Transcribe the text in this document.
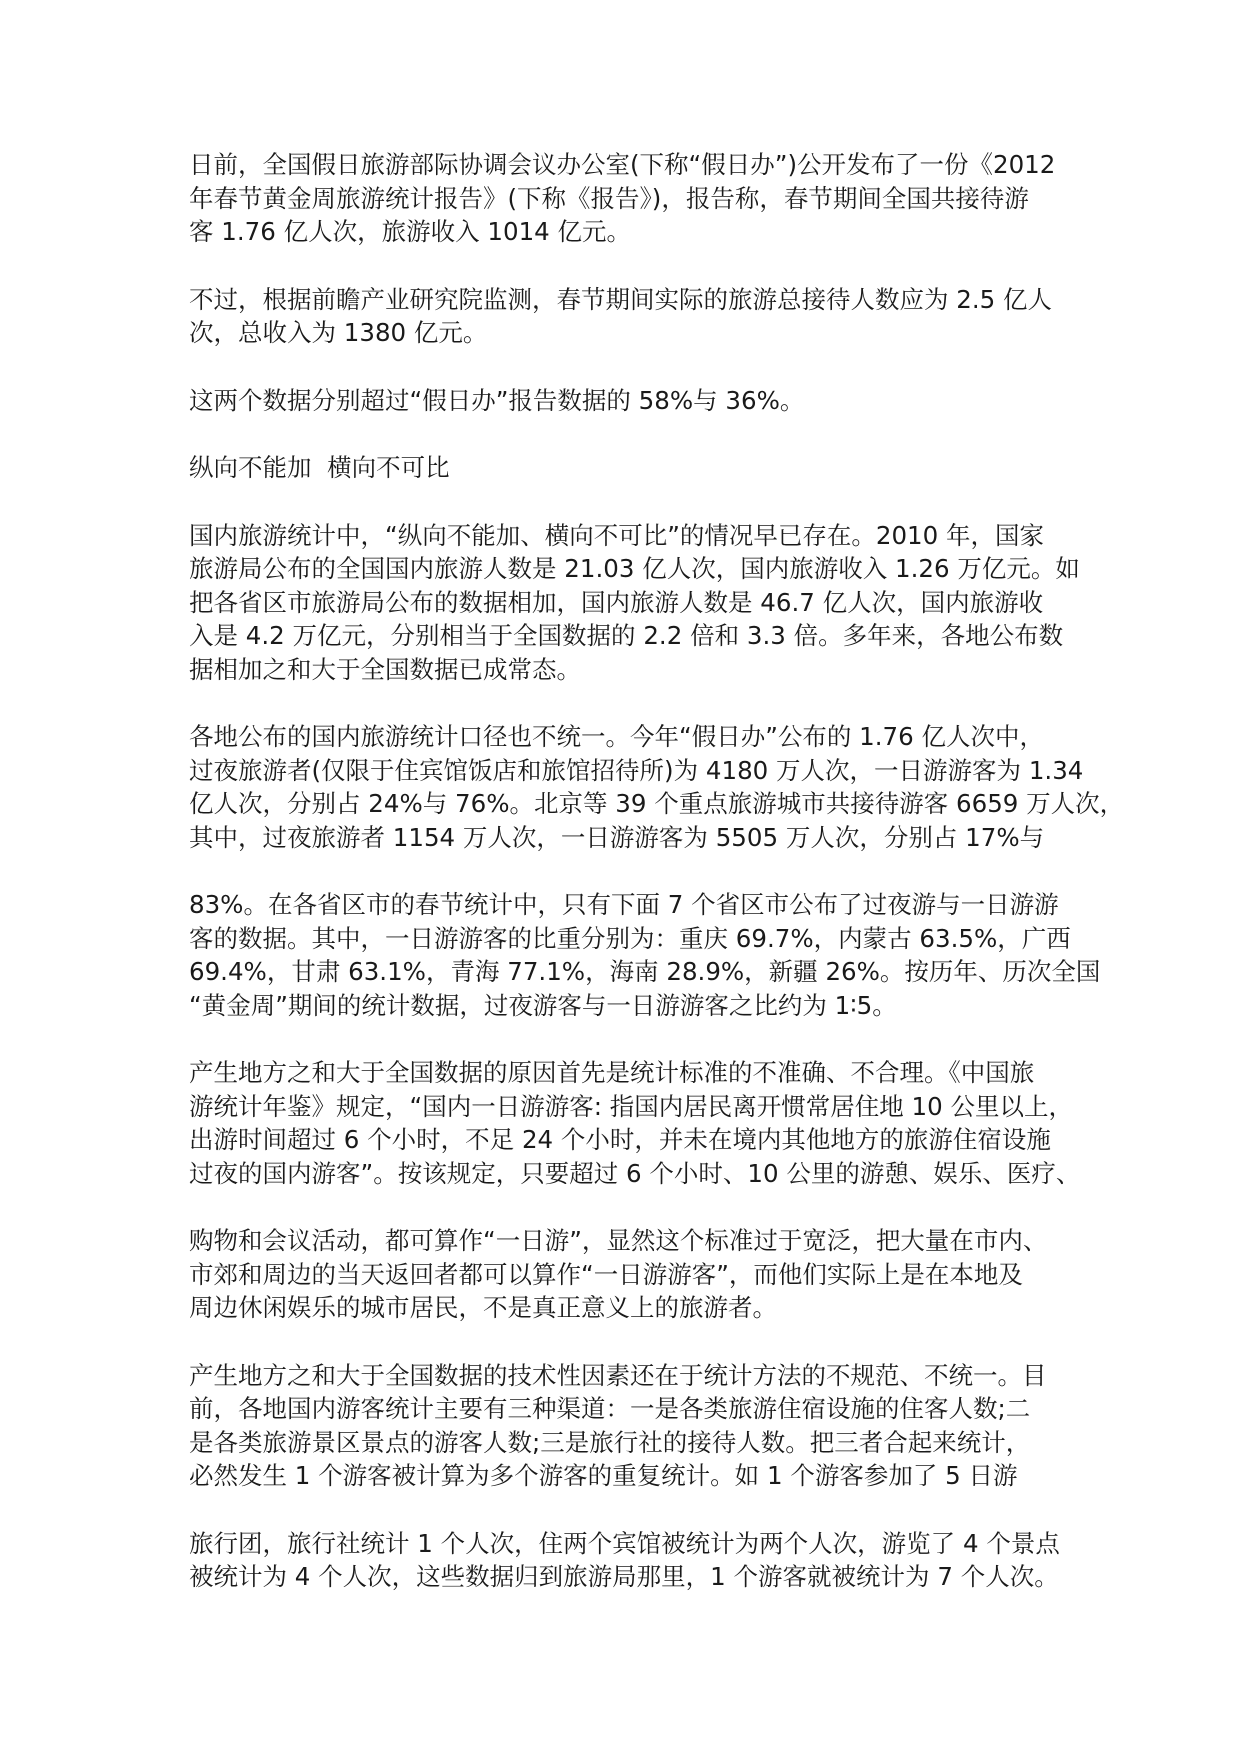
日前，全国假日旅游部际协调会议办公室(下称“假日办”)公开发布了一份《2012
年春节黄金周旅游统计报告》(下称《报告》)，报告称，春节期间全国共接待游
客 1.76 亿人次，旅游收入 1014 亿元。

不过，根据前瞻产业研究院监测，春节期间实际的旅游总接待人数应为 2.5 亿人
次，总收入为 1380 亿元。

这两个数据分别超过“假日办”报告数据的 58%与 36%。

纵向不能加  横向不可比

国内旅游统计中，“纵向不能加、横向不可比”的情况早已存在。2010 年，国家
旅游局公布的全国国内旅游人数是 21.03 亿人次，国内旅游收入 1.26 万亿元。如
把各省区市旅游局公布的数据相加，国内旅游人数是 46.7 亿人次，国内旅游收
入是 4.2 万亿元，分别相当于全国数据的 2.2 倍和 3.3 倍。多年来，各地公布数
据相加之和大于全国数据已成常态。

各地公布的国内旅游统计口径也不统一。今年“假日办”公布的 1.76 亿人次中，
过夜旅游者(仅限于住宾馆饭店和旅馆招待所)为 4180 万人次，一日游游客为 1.34
亿人次，分别占 24%与 76%。北京等 39 个重点旅游城市共接待游客 6659 万人次，
其中，过夜旅游者 1154 万人次，一日游游客为 5505 万人次，分别占 17%与

83%。在各省区市的春节统计中，只有下面 7 个省区市公布了过夜游与一日游游
客的数据。其中，一日游游客的比重分别为：重庆 69.7%，内蒙古 63.5%，广西
69.4%，甘肃 63.1%，青海 77.1%，海南 28.9%，新疆 26%。按历年、历次全国
“黄金周”期间的统计数据，过夜游客与一日游游客之比约为 1∶5。

产生地方之和大于全国数据的原因首先是统计标准的不准确、不合理。《中国旅
游统计年鉴》规定，“国内一日游游客: 指国内居民离开惯常居住地 10 公里以上，
出游时间超过 6 个小时，不足 24 个小时，并未在境内其他地方的旅游住宿设施
过夜的国内游客”。按该规定，只要超过 6 个小时、10 公里的游憩、娱乐、医疗、

购物和会议活动，都可算作“一日游”，显然这个标准过于宽泛，把大量在市内、
市郊和周边的当天返回者都可以算作“一日游游客”，而他们实际上是在本地及
周边休闲娱乐的城市居民，不是真正意义上的旅游者。

产生地方之和大于全国数据的技术性因素还在于统计方法的不规范、不统一。目
前，各地国内游客统计主要有三种渠道：一是各类旅游住宿设施的住客人数;二
是各类旅游景区景点的游客人数;三是旅行社的接待人数。把三者合起来统计，
必然发生 1 个游客被计算为多个游客的重复统计。如 1 个游客参加了 5 日游

旅行团，旅行社统计 1 个人次，住两个宾馆被统计为两个人次，游览了 4 个景点
被统计为 4 个人次，这些数据归到旅游局那里，1 个游客就被统计为 7 个人次。
